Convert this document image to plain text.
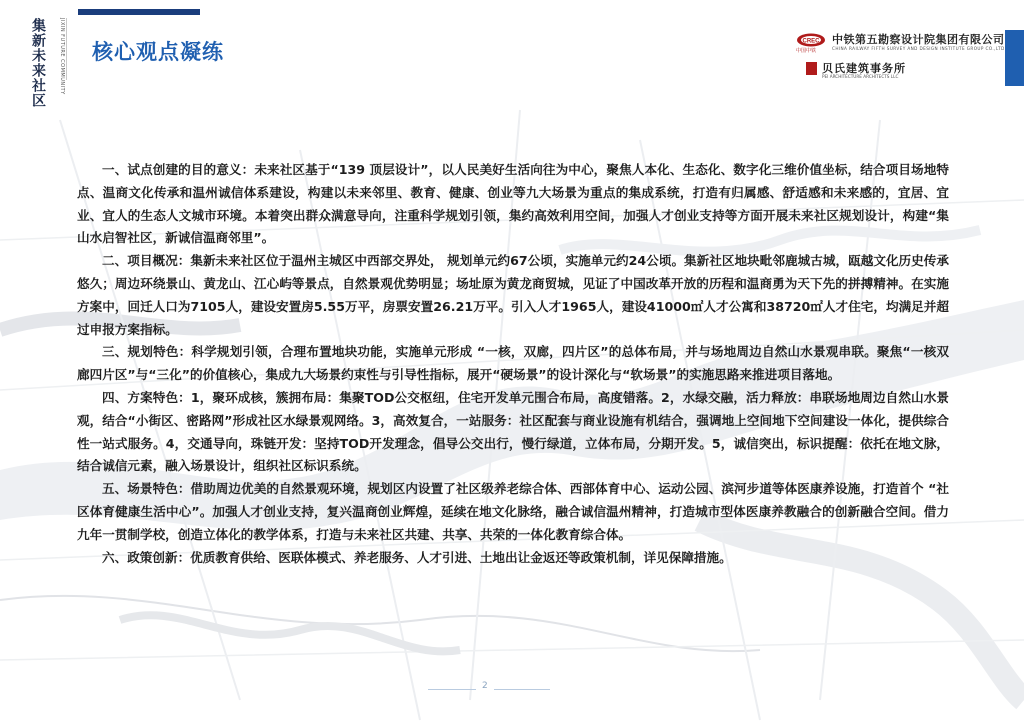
集新未来社区	JIXIN FUTURE COMMUNITY 核心观点凝练	CREC
中国中铁
中铁第五勘察设计院集团有限公司
CHINA RAILWAY FIFTH SURVEY AND DESIGN INSTITUTE GROUP CO.,LTD
贝氏建筑事务所
PEI ARCHITECTURE ARCHITECTS LLC

一、试点创建的目的意义：未来社区基于“139 顶层设计”，以人民美好生活向往为中心，聚焦人本化、生态化、数字化三维价值坐标，结合项目场地特点、温商文化传承和温州诚信体系建设，构建以未来邻里、教育、健康、创业等九大场景为重点的集成系统，打造有归属感、舒适感和未来感的，宜居、宜业、宜人的生态人文城市环境。本着突出群众满意导向，注重科学规划引领，集约高效利用空间，加强人才创业支持等方面开展未来社区规划设计，构建“集山水启智社区，新诚信温商邻里”。

二、项目概况：集新未来社区位于温州主城区中西部交界处， 规划单元约67公顷，实施单元约24公顷。集新社区地块毗邻鹿城古城，瓯越文化历史传承悠久；周边环绕景山、黄龙山、江心屿等景点，自然景观优势明显；场址原为黄龙商贸城，见证了中国改革开放的历程和温商勇为天下先的拼搏精神。在实施方案中，回迁人口为7105人，建设安置房5.55万平，房票安置26.21万平。引入人才1965人，建设41000㎡人才公寓和38720㎡人才住宅，均满足并超过申报方案指标。

三、规划特色：科学规划引领，合理布置地块功能，实施单元形成 “一核，双廊，四片区”的总体布局，并与场地周边自然山水景观串联。聚焦“一核双廊四片区”与“三化”的价值核心，集成九大场景约束性与引导性指标，展开“硬场景”的设计深化与“软场景”的实施思路来推进项目落地。

四、方案特色：1，聚环成核，簇拥布局：集聚TOD公交枢纽，住宅开发单元围合布局，高度错落。2，水绿交融，活力释放：串联场地周边自然山水景观，结合“小街区、密路网”形成社区水绿景观网络。3，高效复合，一站服务：社区配套与商业设施有机结合，强调地上空间地下空间建设一体化，提供综合性一站式服务。4，交通导向，珠链开发：坚持TOD开发理念，倡导公交出行，慢行绿道，立体布局，分期开发。5，诚信突出，标识提醒：依托在地文脉，结合诚信元素，融入场景设计，组织社区标识系统。

五、场景特色：借助周边优美的自然景观环境，规划区内设置了社区级养老综合体、西部体育中心、运动公园、滨河步道等体医康养设施，打造首个 “社区体育健康生活中心”。加强人才创业支持，复兴温商创业辉煌，延续在地文化脉络，融合诚信温州精神，打造城市型体医康养教融合的创新融合空间。借力九年一贯制学校，创造立体化的教学体系，打造与未来社区共建、共享、共荣的一体化教育综合体。

六、政策创新：优质教育供给、医联体模式、养老服务、人才引进、土地出让金返还等政策机制，详见保障措施。

2
